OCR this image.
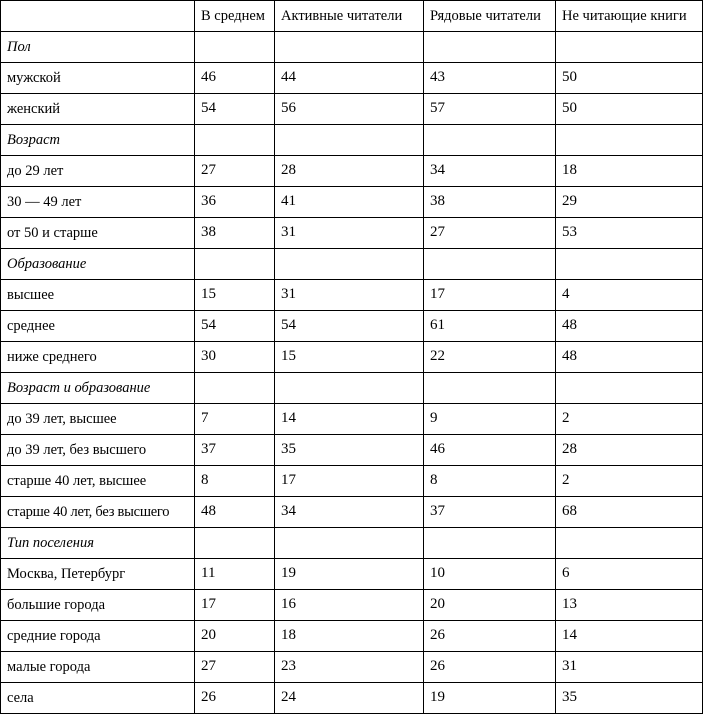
	В среднем	Активные читатели	Рядовые читатели	Не читающие книги
Пол				
мужской	46	44	43	50
женский	54	56	57	50
Возраст				
до 29 лет	27	28	34	18
30 — 49 лет	36	41	38	29
от 50 и старше	38	31	27	53
Образование				
высшее	15	31	17	4
среднее	54	54	61	48
ниже среднего	30	15	22	48
Возраст и образование				
до 39 лет, высшее	7	14	9	2
до 39 лет, без высшего	37	35	46	28
старше 40 лет, высшее	8	17	8	2
старше 40 лет, без высшего	48	34	37	68
Тип поселения				
Москва, Петербург	11	19	10	6
большие города	17	16	20	13
средние города	20	18	26	14
малые города	27	23	26	31
села	26	24	19	35
